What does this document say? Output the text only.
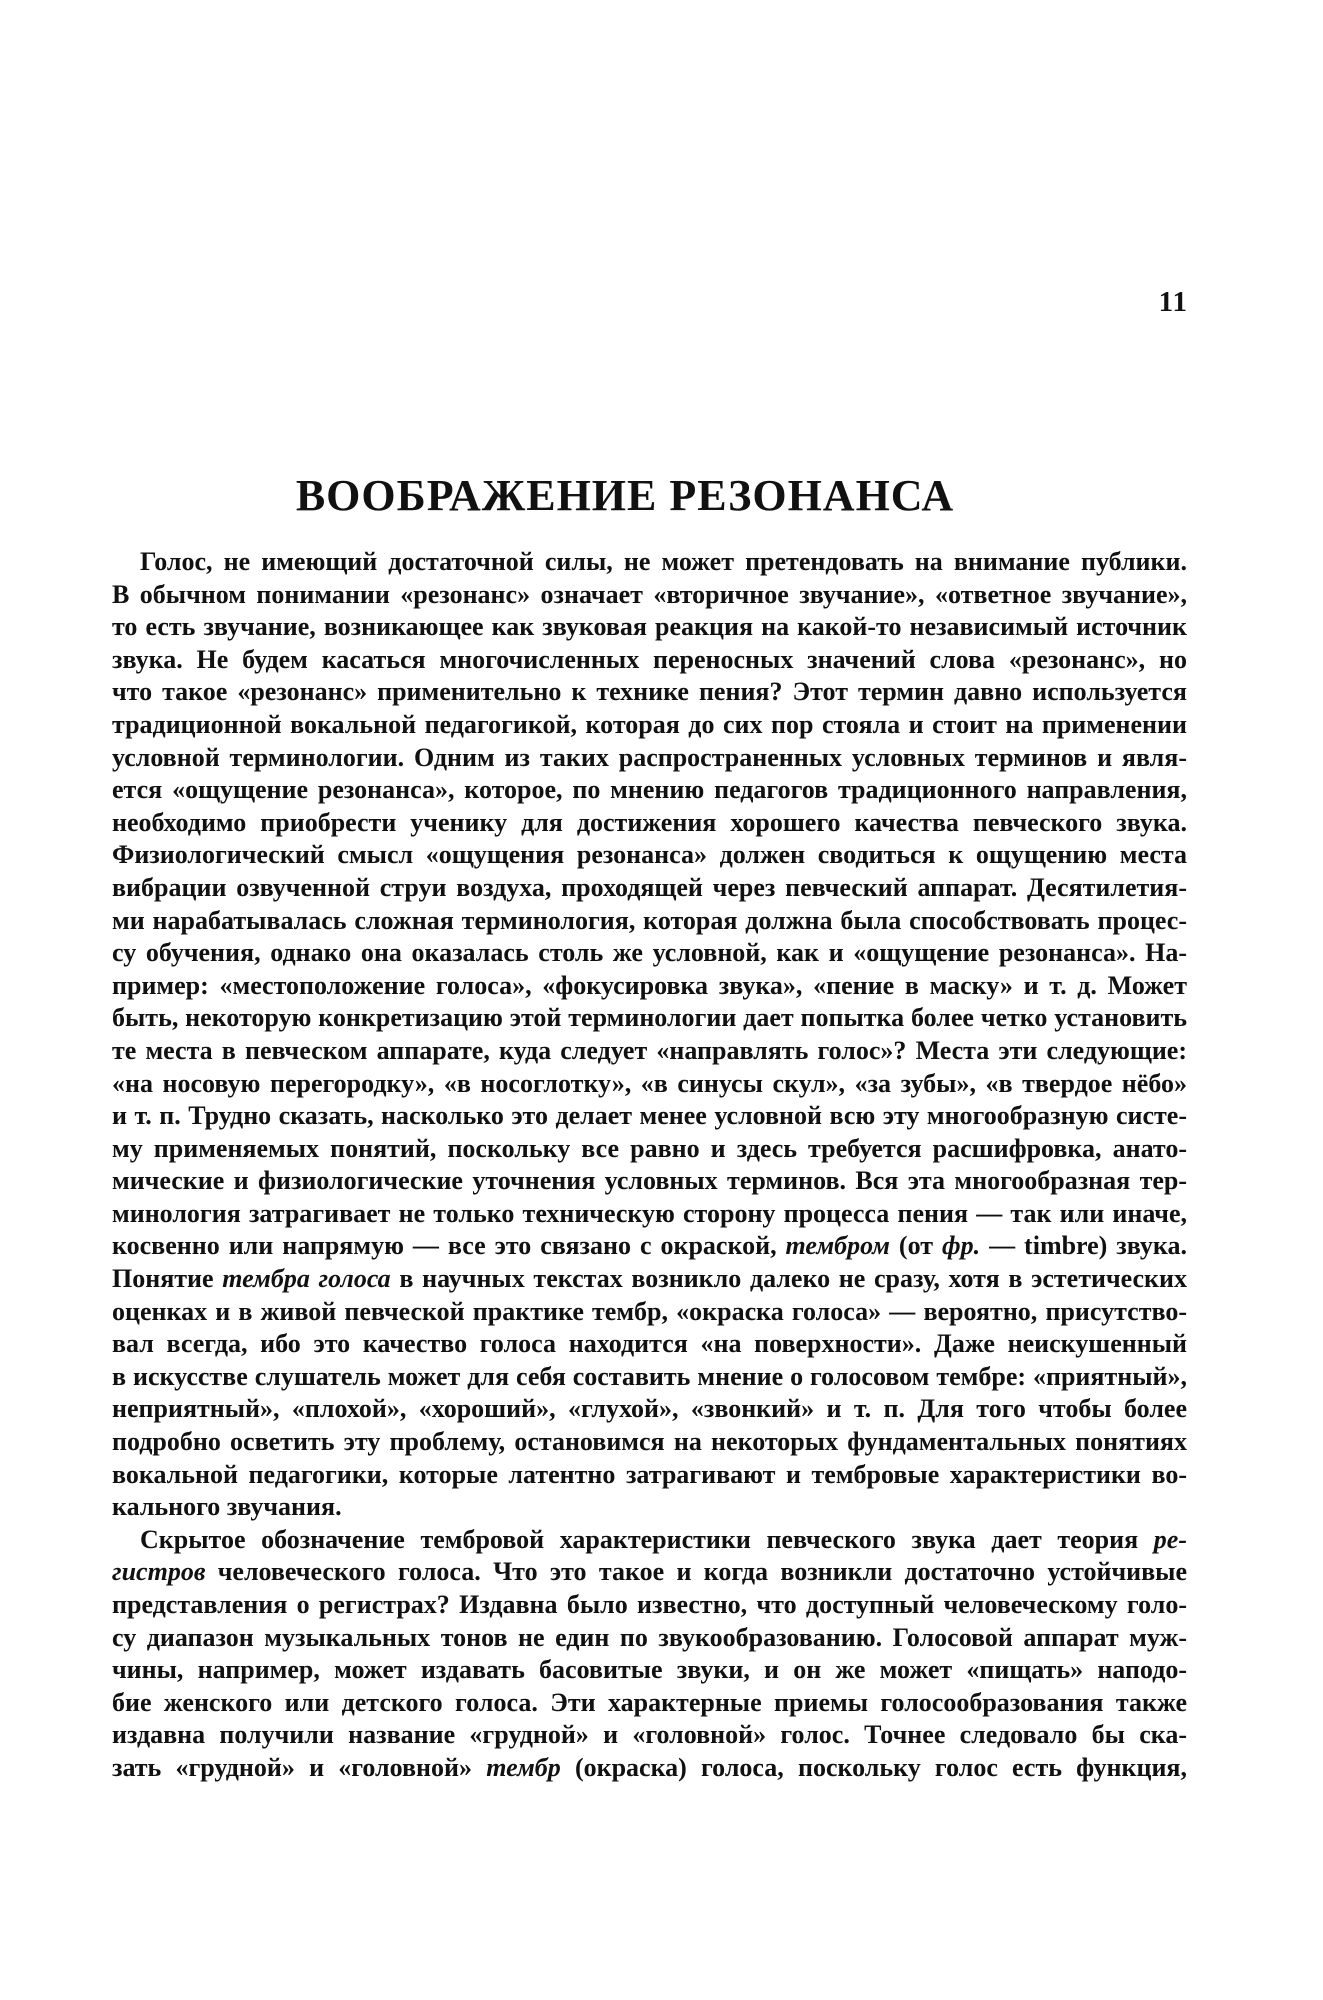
11
ВООБРАЖЕНИЕ РЕЗОНАНСА
Голос, не имеющий достаточной силы, не может претендовать на внимание публики.
В обычном понимании «резонанс» означает «вторичное звучание», «ответное звучание»,
то есть звучание, возникающее как звуковая реакция на какой-то независимый источник
звука. Не будем касаться многочисленных переносных значений слова «резонанс», но
что такое «резонанс» применительно к технике пения? Этот термин давно используется
традиционной вокальной педагогикой, которая до сих пор стояла и стоит на применении
условной терминологии. Одним из таких распространенных условных терминов и явля-
ется «ощущение резонанса», которое, по мнению педагогов традиционного направления,
необходимо приобрести ученику для достижения хорошего качества певческого звука.
Физиологический смысл «ощущения резонанса» должен сводиться к ощущению места
вибрации озвученной струи воздуха, проходящей через певческий аппарат. Десятилетия-
ми нарабатывалась сложная терминология, которая должна была способствовать процес-
су обучения, однако она оказалась столь же условной, как и «ощущение резонанса». На-
пример: «местоположение голоса», «фокусировка звука», «пение в маску» и т. д. Может
быть, некоторую конкретизацию этой терминологии дает попытка более четко установить
те места в певческом аппарате, куда следует «направлять голос»? Места эти следующие:
«на носовую перегородку», «в носоглотку», «в синусы скул», «за зубы», «в твердое нёбо»
и т. п. Трудно сказать, насколько это делает менее условной всю эту многообразную систе-
му применяемых понятий, поскольку все равно и здесь требуется расшифровка, анато-
мические и физиологические уточнения условных терминов. Вся эта многообразная тер-
минология затрагивает не только техническую сторону процесса пения — так или иначе,
косвенно или напрямую — все это связано с окраской, тембром (от фр. — timbre) звука.
Понятие тембра голоса в научных текстах возникло далеко не сразу, хотя в эстетических
оценках и в живой певческой практике тембр, «окраска голоса» — вероятно, присутство-
вал всегда, ибо это качество голоса находится «на поверхности». Даже неискушенный
в искусстве слушатель может для себя составить мнение о голосовом тембре: «приятный»,
неприятный», «плохой», «хороший», «глухой», «звонкий» и т. п. Для того чтобы более
подробно осветить эту проблему, остановимся на некоторых фундаментальных понятиях
вокальной педагогики, которые латентно затрагивают и тембровые характеристики во-
кального звучания.
Скрытое обозначение тембровой характеристики певческого звука дает теория ре-
гистров человеческого голоса. Что это такое и когда возникли достаточно устойчивые
представления о регистрах? Издавна было известно, что доступный человеческому голо-
су диапазон музыкальных тонов не един по звукообразованию. Голосовой аппарат муж-
чины, например, может издавать басовитые звуки, и он же может «пищать» наподо-
бие женского или детского голоса. Эти характерные приемы голосообразования также
издавна получили название «грудной» и «головной» голос. Точнее следовало бы ска-
зать «грудной» и «головной» тембр (окраска) голоса, поскольку голос есть функция,
